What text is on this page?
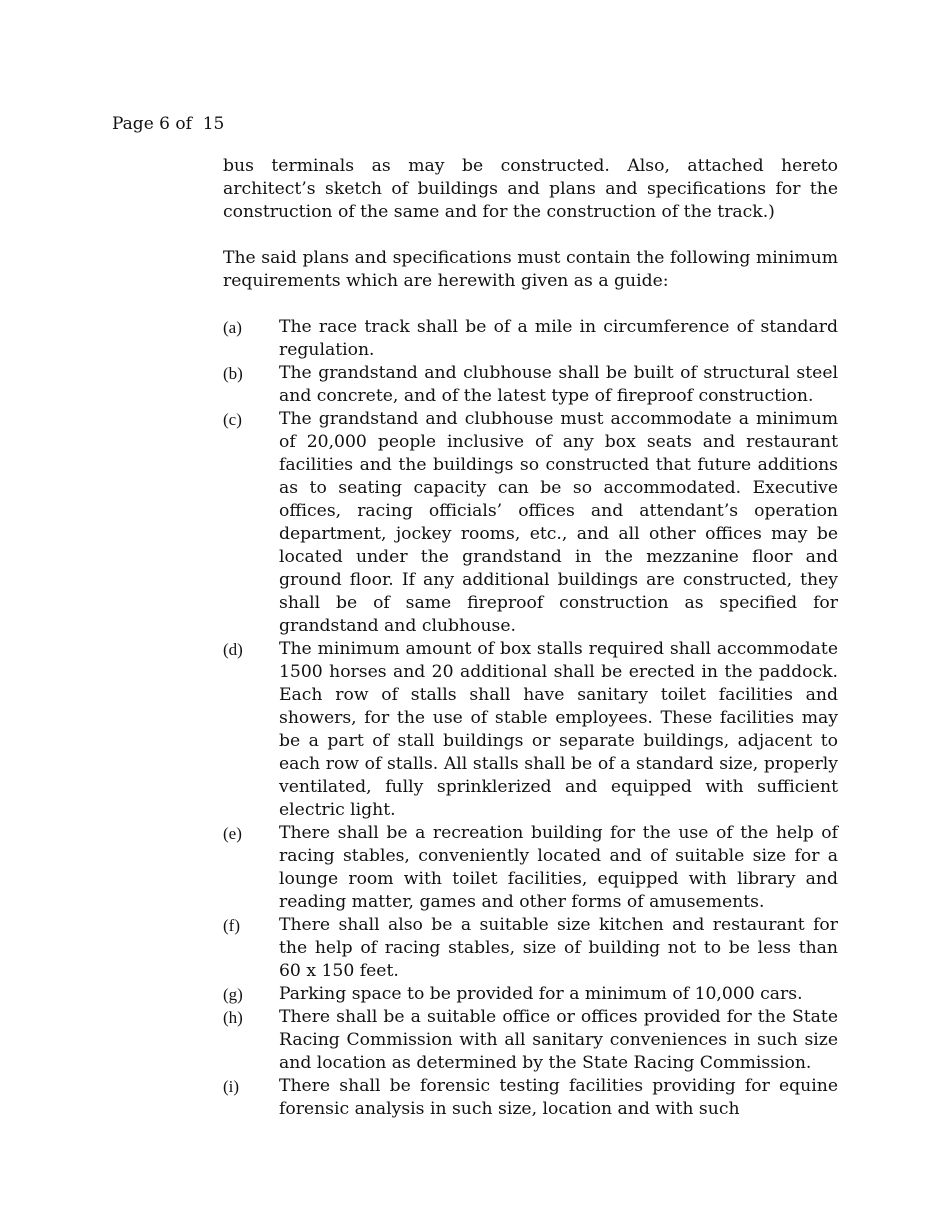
Page 6 of  15

bus terminals as may be constructed. Also, attached hereto architect’s sketch of buildings and plans and specifications for the construction of the same and for the construction of the track.)

The said plans and specifications must contain the following minimum requirements which are herewith given as a guide:

(a)	The race track shall be of a mile in circumference of standard regulation.

(b)	The grandstand and clubhouse shall be built of structural steel and concrete, and of the latest type of fireproof construction.

(c)	The grandstand and clubhouse must accommodate a minimum of 20,000 people inclusive of any box seats and restaurant facilities and the buildings so constructed that future additions as to seating capacity can be so accommodated. Executive offices, racing officials’ offices and attendant’s operation department, jockey rooms, etc., and all other offices may be located under the grandstand in the mezzanine floor and ground floor. If any additional buildings are constructed, they shall be of same fireproof construction as specified for grandstand and clubhouse.

(d)	The minimum amount of box stalls required shall accommodate 1500 horses and 20 additional shall be erected in the paddock. Each row of stalls shall have sanitary toilet facilities and showers, for the use of stable employees. These facilities may be a part of stall buildings or separate buildings, adjacent to each row of stalls. All stalls shall be of a standard size, properly ventilated, fully sprinklerized and equipped with sufficient electric light.

(e)	There shall be a recreation building for the use of the help of racing stables, conveniently located and of suitable size for a lounge room with toilet facilities, equipped with library and reading matter, games and other forms of amusements.

(f)	There shall also be a suitable size kitchen and restaurant for the help of racing stables, size of building not to be less than 60 x 150 feet.

(g)	Parking space to be provided for a minimum of 10,000 cars.

(h)	There shall be a suitable office or offices provided for the State Racing Commission with all sanitary conveniences in such size and location as determined by the State Racing Commission.

(i)	There shall be forensic testing facilities providing for equine forensic analysis in such size, location and with such
